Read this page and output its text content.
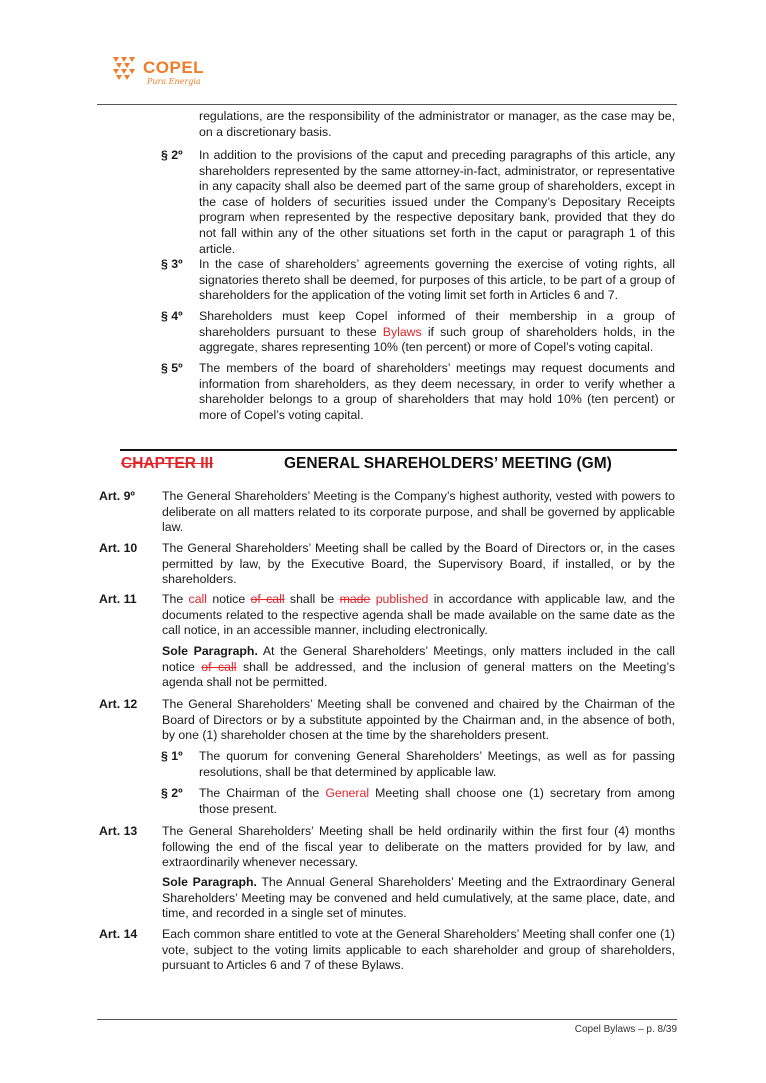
COPEL
Pura Energia

regulations, are the responsibility of the administrator or manager, as the case may be, on a discretionary basis.

§ 2º In addition to the provisions of the caput and preceding paragraphs of this article, any shareholders represented by the same attorney-in-fact, administrator, or representative in any capacity shall also be deemed part of the same group of shareholders, except in the case of holders of securities issued under the Company’s Depositary Receipts program when represented by the respective depositary bank, provided that they do not fall within any of the other situations set forth in the caput or paragraph 1 of this article.

§ 3º In the case of shareholders’ agreements governing the exercise of voting rights, all signatories thereto shall be deemed, for purposes of this article, to be part of a group of shareholders for the application of the voting limit set forth in Articles 6 and 7.

§ 4º Shareholders must keep Copel informed of their membership in a group of shareholders pursuant to these Bylaws if such group of shareholders holds, in the aggregate, shares representing 10% (ten percent) or more of Copel’s voting capital.

§ 5º The members of the board of shareholders’ meetings may request documents and information from shareholders, as they deem necessary, in order to verify whether a shareholder belongs to a group of shareholders that may hold 10% (ten percent) or more of Copel’s voting capital.

CHAPTER III	GENERAL SHAREHOLDERS’ MEETING (GM)
Art. 9º The General Shareholders’ Meeting is the Company’s highest authority, vested with powers to deliberate on all matters related to its corporate purpose, and shall be governed by applicable law.

Art. 10 The General Shareholders’ Meeting shall be called by the Board of Directors or, in the cases permitted by law, by the Executive Board, the Supervisory Board, if installed, or by the shareholders.

Art. 11 The call notice of call shall be made published in accordance with applicable law, and the documents related to the respective agenda shall be made available on the same date as the call notice, in an accessible manner, including electronically.

Sole Paragraph. At the General Shareholders’ Meetings, only matters included in the call notice of call shall be addressed, and the inclusion of general matters on the Meeting’s agenda shall not be permitted.

Art. 12 The General Shareholders’ Meeting shall be convened and chaired by the Chairman of the Board of Directors or by a substitute appointed by the Chairman and, in the absence of both, by one (1) shareholder chosen at the time by the shareholders present.

§ 1º The quorum for convening General Shareholders’ Meetings, as well as for passing resolutions, shall be that determined by applicable law.

§ 2º The Chairman of the General Meeting shall choose one (1) secretary from among those present.

Art. 13 The General Shareholders’ Meeting shall be held ordinarily within the first four (4) months following the end of the fiscal year to deliberate on the matters provided for by law, and extraordinarily whenever necessary.

Sole Paragraph. The Annual General Shareholders’ Meeting and the Extraordinary General Shareholders’ Meeting may be convened and held cumulatively, at the same place, date, and time, and recorded in a single set of minutes.

Art. 14 Each common share entitled to vote at the General Shareholders’ Meeting shall confer one (1) vote, subject to the voting limits applicable to each shareholder and group of shareholders, pursuant to Articles 6 and 7 of these Bylaws.

Copel Bylaws – p. 8/39
